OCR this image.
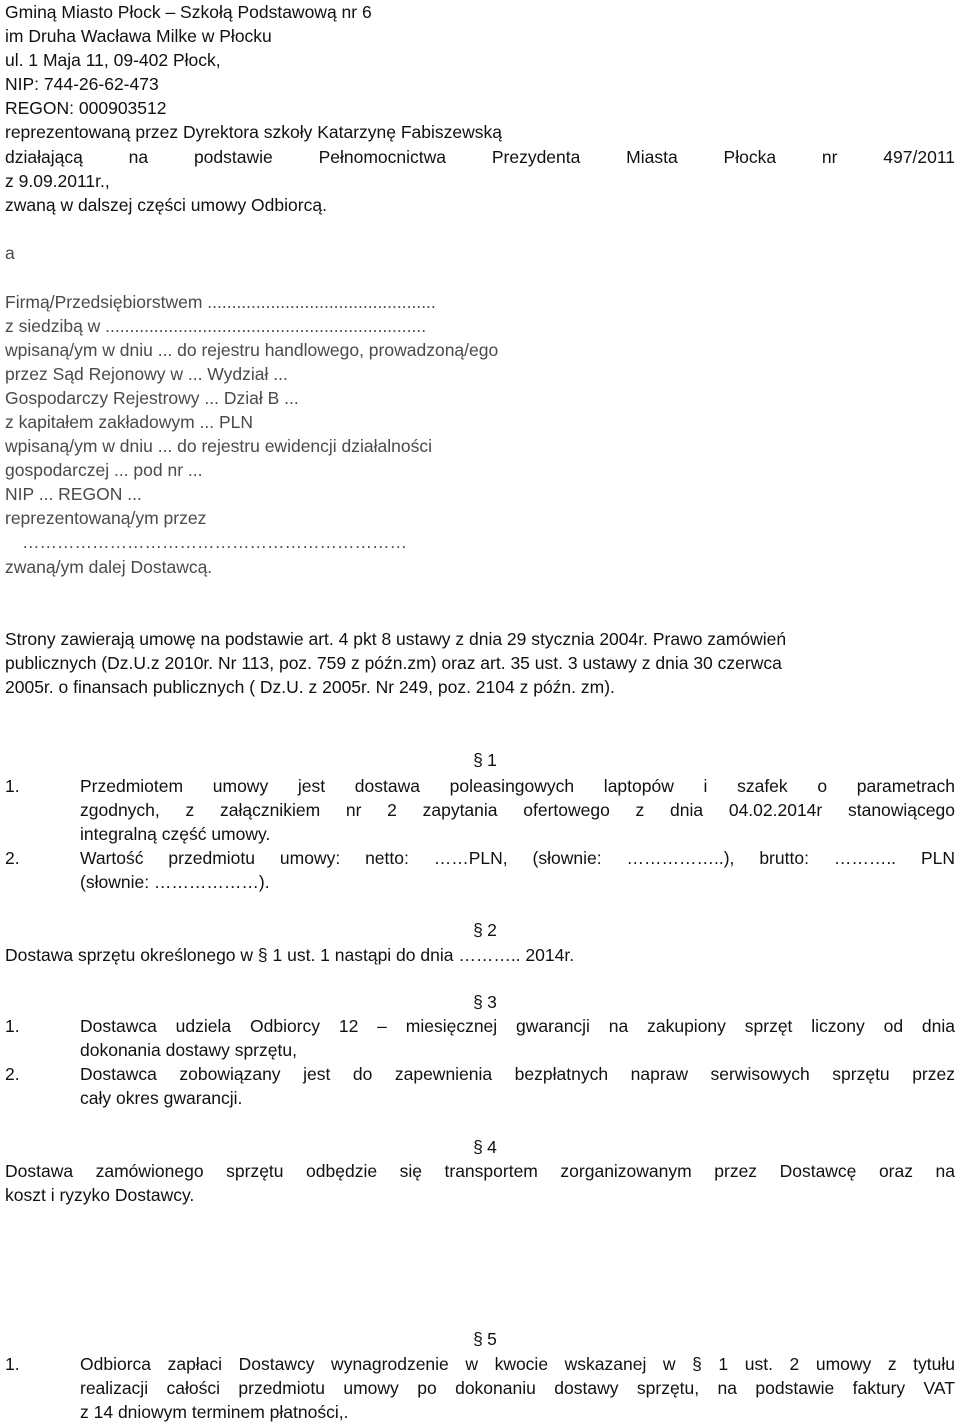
Gminą Miasto Płock – Szkołą Podstawową nr 6

im Druha Wacława Milke w Płocku

ul. 1 Maja 11, 09-402 Płock,

NIP: 744-26-62-473

REGON: 000903512

reprezentowaną przez Dyrektora szkoły Katarzynę Fabiszewską

działającą na podstawie Pełnomocnictwa Prezydenta Miasta Płocka nr 497/2011

z 9.09.2011r.,

zwaną w dalszej części umowy Odbiorcą.

a

Firmą/Przedsiębiorstwem ...............................................

z siedzibą w ..................................................................

wpisaną/ym w dniu ... do rejestru handlowego, prowadzoną/ego

przez Sąd Rejonowy w ... Wydział ...

Gospodarczy Rejestrowy ... Dział B ...

z kapitałem zakładowym ... PLN

wpisaną/ym w dniu ... do rejestru ewidencji działalności

gospodarczej ... pod nr ...

NIP ... REGON ...

reprezentowaną/ym przez

…………………………………………………………

zwaną/ym dalej Dostawcą.

Strony zawierają umowę na podstawie art. 4 pkt 8 ustawy z dnia 29 stycznia 2004r. Prawo zamówień

publicznych (Dz.U.z 2010r. Nr 113, poz. 759 z późn.zm) oraz art. 35 ust. 3 ustawy z dnia 30 czerwca

2005r. o finansach publicznych ( Dz.U. z 2005r. Nr 249, poz. 2104 z późn. zm).

§
1

1.	Przedmiotem umowy jest dostawa poleasingowych laptopów i szafek o parametrach

zgodnych, z załącznikiem nr 2 zapytania ofertowego z dnia 04.02.2014r stanowiącego

integralną część umowy.

2.	Wartość przedmiotu umowy: netto: ……PLN, (słownie: ……………..), brutto: ……….. PLN

(słownie: ………………).

§
2

Dostawa sprzętu określonego w § 1 ust. 1 nastąpi do dnia ……….. 2014r.

§
3

1.	Dostawca udziela Odbiorcy 12 – miesięcznej gwarancji na zakupiony sprzęt liczony od dnia

dokonania dostawy sprzętu,

2.	Dostawca zobowiązany jest do zapewnienia bezpłatnych napraw serwisowych sprzętu przez

cały okres gwarancji.

§
4

Dostawa zamówionego sprzętu odbędzie się transportem zorganizowanym przez Dostawcę oraz na

koszt i ryzyko Dostawcy.

§
5

1.	Odbiorca zapłaci Dostawcy wynagrodzenie w kwocie wskazanej w § 1 ust. 2 umowy z tytułu

realizacji całości przedmiotu umowy po dokonaniu dostawy sprzętu, na podstawie faktury VAT

z 14 dniowym terminem płatności,.
